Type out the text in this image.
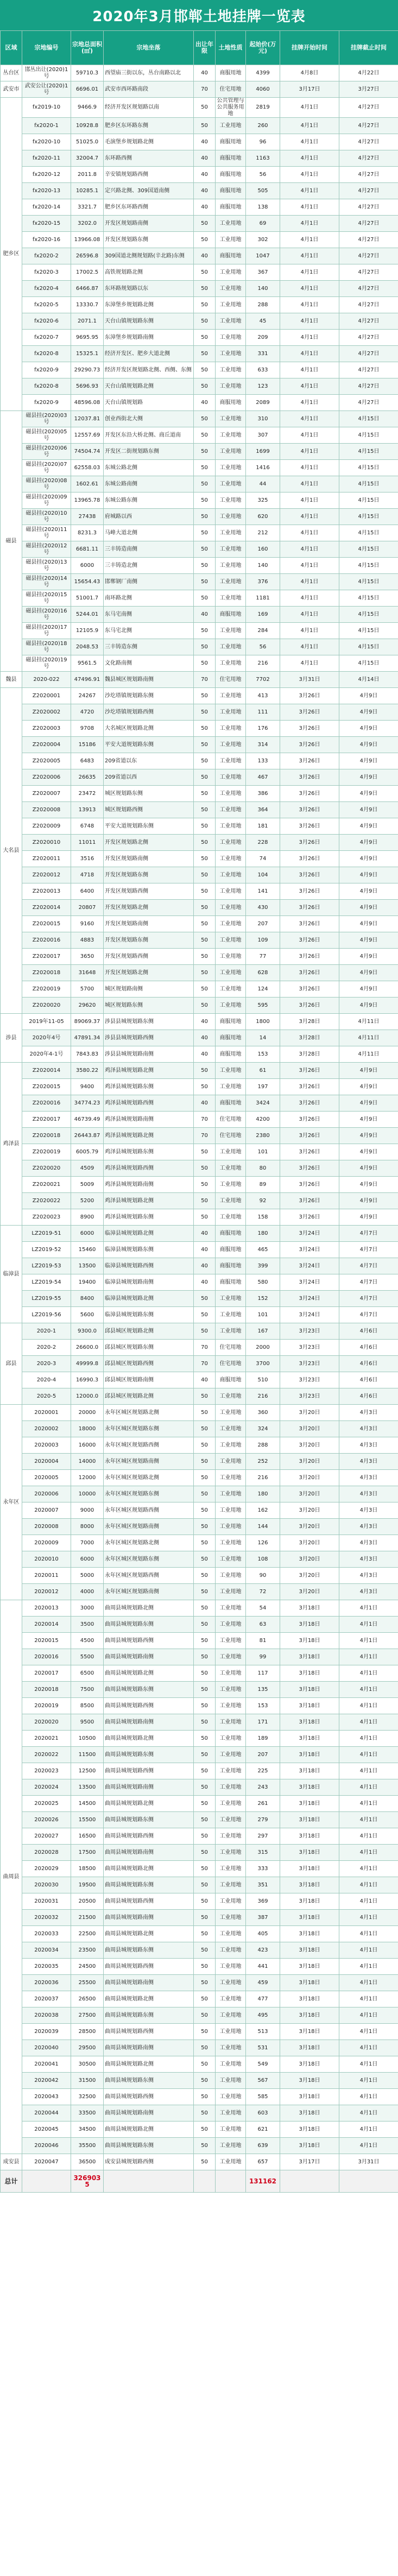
2020年3月邯郸土地挂牌一览表
区域	宗地编号	宗地总面积(㎡)	宗地坐落	出让年限	土地性质	起始价(万元)	挂牌开始时间	挂牌截止时间
丛台区	邯丛出让(2020)1号	59710.3	西望庙三街以东，丛台南路以北	40	商服用地	4399	4月8日	4月22日
武安市	武安公让(2020)1号	6696.01	武安市西环路南段	70	住宅用地	4060	3月17日	3月27日
肥乡区	fx2019-10	9466.9	经济开发区规划路以南	50	公共管理与公共服务用地	2819	4月1日	4月27日
	fx2020-1	10928.8	肥乡区东环路东侧	50	工业用地	260	4月1日	4月27日
	fx2020-10	51025.0	毛演堡乡规划路北侧	40	商服用地	96	4月1日	4月27日
	fx2020-11	32004.7	东环路西侧	40	商服用地	1163	4月1日	4月27日
	fx2020-12	2011.8	辛安镇规划路西侧	40	商服用地	56	4月1日	4月27日
	fx2020-13	10285.1	定兴路北侧、309国道南侧	40	商服用地	505	4月1日	4月27日
	fx2020-14	3321.7	肥乡区东环路西侧	40	商服用地	138	4月1日	4月27日
	fx2020-15	3202.0	开发区规划路南侧	50	工业用地	69	4月1日	4月27日
	fx2020-16	13966.08	开发区规划路东侧	50	工业用地	302	4月1日	4月27日
	fx2020-2	26596.8	309国道北侧规划路(辛北路)东侧	40	商服用地	1047	4月1日	4月27日
	fx2020-3	17002.5	高铁规划路北侧	50	工业用地	367	4月1日	4月27日
	fx2020-4	6466.87	东环路规划路以东	50	工业用地	140	4月1日	4月27日
	fx2020-5	13330.7	东漳堡乡规划路北侧	50	工业用地	288	4月1日	4月27日
	fx2020-6	2071.1	天台山镇规划路东侧	50	工业用地	45	4月1日	4月27日
	fx2020-7	9695.95	东漳堡乡规划路南侧	50	工业用地	209	4月1日	4月27日
	fx2020-8	15325.1	经济开发区、肥乡大道北侧	50	工业用地	331	4月1日	4月27日
	fx2020-9	29290.73	经济开发区规划路北侧、西侧、东侧	50	工业用地	633	4月1日	4月27日
	fx2020-8	5696.93	天台山镇规划路北侧	50	工业用地	123	4月1日	4月27日
	fx2020-9	48596.08	天台山镇规划路	40	商服用地	2089	4月1日	4月27日
磁县	磁县挂(2020)03号	12037.81	创业西街北大侧	50	工业用地	310	4月1日	4月15日
	磁县挂(2020)05号	12557.69	开发区东沿大桥北侧、商丘道南	50	工业用地	307	4月1日	4月15日
	磁县挂(2020)06号	74504.74	开发区二街规划路东侧	50	工业用地	1699	4月1日	4月15日
	磁县挂(2020)07号	62558.03	东城公路北侧	50	工业用地	1416	4月1日	4月15日
	磁县挂(2020)08号	1602.61	东城公路南侧	50	工业用地	44	4月1日	4月15日
	磁县挂(2020)09号	13965.78	东城公路东侧	50	工业用地	325	4月1日	4月15日
	磁县挂(2020)10号	27438	府城路以西	50	工业用地	620	4月1日	4月15日
	磁县挂(2020)11号	8231.3	马峰大道北侧	50	工业用地	212	4月1日	4月15日
	磁县挂(2020)12号	6681.11	三丰铸造南侧	50	工业用地	160	4月1日	4月15日
	磁县挂(2020)13号	6000	三丰铸造北侧	50	工业用地	140	4月1日	4月15日
	磁县挂(2020)14号	15654.43	邯郸钢厂南侧	50	工业用地	376	4月1日	4月15日
	磁县挂(2020)15号	51001.7	南环路北侧	50	工业用地	1181	4月1日	4月15日
	磁县挂(2020)16号	5244.01	东马宅南侧	40	商服用地	169	4月1日	4月15日
	磁县挂(2020)17号	12105.9	东马宅北侧	50	工业用地	284	4月1日	4月15日
	磁县挂(2020)18号	2048.53	三丰铸造东侧	50	工业用地	56	4月1日	4月15日
	磁县挂(2020)19号	9561.5	文化路南侧	50	工业用地	216	4月1日	4月15日
魏县	2020-022	47496.91	魏县城区规划路南侧	70	住宅用地	7702	3月31日	4月14日
大名县	Z2020001	24267	沙圪塔镇规划路东侧	50	工业用地	413	3月26日	4月9日
	Z2020002	4720	沙圪塔镇规划路西侧	50	工业用地	111	3月26日	4月9日
	Z2020003	9708	大名城区规划路北侧	50	工业用地	176	3月26日	4月9日
	Z2020004	15186	平安大道规划路东侧	50	工业用地	314	3月26日	4月9日
	Z2020005	6483	209省道以东	50	工业用地	133	3月26日	4月9日
	Z2020006	26635	209省道以西	50	工业用地	467	3月26日	4月9日
	Z2020007	23472	城区规划路东侧	50	工业用地	386	3月26日	4月9日
	Z2020008	13913	城区规划路西侧	50	工业用地	364	3月26日	4月9日
	Z2020009	6748	平安大道规划路东侧	50	工业用地	181	3月26日	4月9日
	Z2020010	11011	开发区规划路北侧	50	工业用地	228	3月26日	4月9日
	Z2020011	3516	开发区规划路南侧	50	工业用地	74	3月26日	4月9日
	Z2020012	4718	开发区规划路东侧	50	工业用地	104	3月26日	4月9日
	Z2020013	6400	开发区规划路西侧	50	工业用地	141	3月26日	4月9日
	Z2020014	20807	开发区规划路北侧	50	工业用地	430	3月26日	4月9日
	Z2020015	9160	开发区规划路南侧	50	工业用地	207	3月26日	4月9日
	Z2020016	4883	开发区规划路东侧	50	工业用地	109	3月26日	4月9日
	Z2020017	3650	开发区规划路西侧	50	工业用地	77	3月26日	4月9日
	Z2020018	31648	开发区规划路北侧	50	工业用地	628	3月26日	4月9日
	Z2020019	5700	城区规划路南侧	50	工业用地	124	3月26日	4月9日
	Z2020020	29620	城区规划路东侧	50	工业用地	595	3月26日	4月9日
涉县	2019年11-05	89069.37	涉县县城规划路东侧	40	商服用地	1800	3月28日	4月11日
	2020年4号	47891.34	涉县县城规划路西侧	40	商服用地	14	3月28日	4月11日
	2020年4-1号	7843.83	涉县县城规划路南侧	40	商服用地	153	3月28日	4月11日
鸡泽县	Z2020014	3580.22	鸡泽县城规划路北侧	50	工业用地	61	3月26日	4月9日
	Z2020015	9400	鸡泽县城规划路东侧	50	工业用地	197	3月26日	4月9日
	Z2020016	34774.23	鸡泽县城规划路西侧	40	商服用地	3424	3月26日	4月9日
	Z2020017	46739.49	鸡泽县城规划路南侧	70	住宅用地	4200	3月26日	4月9日
	Z2020018	26443.87	鸡泽县城规划路北侧	70	住宅用地	2380	3月26日	4月9日
	Z2020019	6005.79	鸡泽县城规划路东侧	50	工业用地	101	3月26日	4月9日
	Z2020020	4509	鸡泽县城规划路西侧	50	工业用地	80	3月26日	4月9日
	Z2020021	5009	鸡泽县城规划路南侧	50	工业用地	89	3月26日	4月9日
	Z2020022	5200	鸡泽县城规划路北侧	50	工业用地	92	3月26日	4月9日
	Z2020023	8900	鸡泽县城规划路东侧	50	工业用地	158	3月26日	4月9日
临漳县	LZ2019-51	6000	临漳县城规划路北侧	40	商服用地	180	3月24日	4月7日
	LZ2019-52	15460	临漳县城规划路东侧	40	商服用地	465	3月24日	4月7日
	LZ2019-53	13500	临漳县城规划路西侧	40	商服用地	399	3月24日	4月7日
	LZ2019-54	19400	临漳县城规划路南侧	40	商服用地	580	3月24日	4月7日
	LZ2019-55	8400	临漳县城规划路北侧	50	工业用地	152	3月24日	4月7日
	LZ2019-56	5600	临漳县城规划路东侧	50	工业用地	101	3月24日	4月7日
邱县	2020-1	9300.0	邱县城区规划路北侧	50	工业用地	167	3月23日	4月6日
	2020-2	26600.0	邱县城区规划路东侧	70	住宅用地	2000	3月23日	4月6日
	2020-3	49999.8	邱县城区规划路西侧	70	住宅用地	3700	3月23日	4月6日
	2020-4	16990.3	邱县城区规划路南侧	40	商服用地	510	3月23日	4月6日
	2020-5	12000.0	邱县城区规划路北侧	50	工业用地	216	3月23日	4月6日
永年区	2020001	20000	永年区城区规划路北侧	50	工业用地	360	3月20日	4月3日
	2020002	18000	永年区城区规划路东侧	50	工业用地	324	3月20日	4月3日
	2020003	16000	永年区城区规划路西侧	50	工业用地	288	3月20日	4月3日
	2020004	14000	永年区城区规划路南侧	50	工业用地	252	3月20日	4月3日
	2020005	12000	永年区城区规划路北侧	50	工业用地	216	3月20日	4月3日
	2020006	10000	永年区城区规划路东侧	50	工业用地	180	3月20日	4月3日
	2020007	9000	永年区城区规划路西侧	50	工业用地	162	3月20日	4月3日
	2020008	8000	永年区城区规划路南侧	50	工业用地	144	3月20日	4月3日
	2020009	7000	永年区城区规划路北侧	50	工业用地	126	3月20日	4月3日
	2020010	6000	永年区城区规划路东侧	50	工业用地	108	3月20日	4月3日
	2020011	5000	永年区城区规划路西侧	50	工业用地	90	3月20日	4月3日
	2020012	4000	永年区城区规划路南侧	50	工业用地	72	3月20日	4月3日
曲周县	2020013	3000	曲周县城规划路北侧	50	工业用地	54	3月18日	4月1日
	2020014	3500	曲周县城规划路东侧	50	工业用地	63	3月18日	4月1日
	2020015	4500	曲周县城规划路西侧	50	工业用地	81	3月18日	4月1日
	2020016	5500	曲周县城规划路南侧	50	工业用地	99	3月18日	4月1日
	2020017	6500	曲周县城规划路北侧	50	工业用地	117	3月18日	4月1日
	2020018	7500	曲周县城规划路东侧	50	工业用地	135	3月18日	4月1日
	2020019	8500	曲周县城规划路西侧	50	工业用地	153	3月18日	4月1日
	2020020	9500	曲周县城规划路南侧	50	工业用地	171	3月18日	4月1日
	2020021	10500	曲周县城规划路北侧	50	工业用地	189	3月18日	4月1日
	2020022	11500	曲周县城规划路东侧	50	工业用地	207	3月18日	4月1日
	2020023	12500	曲周县城规划路西侧	50	工业用地	225	3月18日	4月1日
	2020024	13500	曲周县城规划路南侧	50	工业用地	243	3月18日	4月1日
	2020025	14500	曲周县城规划路北侧	50	工业用地	261	3月18日	4月1日
	2020026	15500	曲周县城规划路东侧	50	工业用地	279	3月18日	4月1日
	2020027	16500	曲周县城规划路西侧	50	工业用地	297	3月18日	4月1日
	2020028	17500	曲周县城规划路南侧	50	工业用地	315	3月18日	4月1日
	2020029	18500	曲周县城规划路北侧	50	工业用地	333	3月18日	4月1日
	2020030	19500	曲周县城规划路东侧	50	工业用地	351	3月18日	4月1日
	2020031	20500	曲周县城规划路西侧	50	工业用地	369	3月18日	4月1日
	2020032	21500	曲周县城规划路南侧	50	工业用地	387	3月18日	4月1日
	2020033	22500	曲周县城规划路北侧	50	工业用地	405	3月18日	4月1日
	2020034	23500	曲周县城规划路东侧	50	工业用地	423	3月18日	4月1日
	2020035	24500	曲周县城规划路西侧	50	工业用地	441	3月18日	4月1日
	2020036	25500	曲周县城规划路南侧	50	工业用地	459	3月18日	4月1日
	2020037	26500	曲周县城规划路北侧	50	工业用地	477	3月18日	4月1日
	2020038	27500	曲周县城规划路东侧	50	工业用地	495	3月18日	4月1日
	2020039	28500	曲周县城规划路西侧	50	工业用地	513	3月18日	4月1日
	2020040	29500	曲周县城规划路南侧	50	工业用地	531	3月18日	4月1日
	2020041	30500	曲周县城规划路北侧	50	工业用地	549	3月18日	4月1日
	2020042	31500	曲周县城规划路东侧	50	工业用地	567	3月18日	4月1日
	2020043	32500	曲周县城规划路西侧	50	工业用地	585	3月18日	4月1日
	2020044	33500	曲周县城规划路南侧	50	工业用地	603	3月18日	4月1日
	2020045	34500	曲周县城规划路北侧	50	工业用地	621	3月18日	4月1日
	2020046	35500	曲周县城规划路东侧	50	工业用地	639	3月18日	4月1日
成安县	2020047	36500	成安县城规划路西侧	50	工业用地	657	3月17日	3月31日
总计		3269035				131162		
